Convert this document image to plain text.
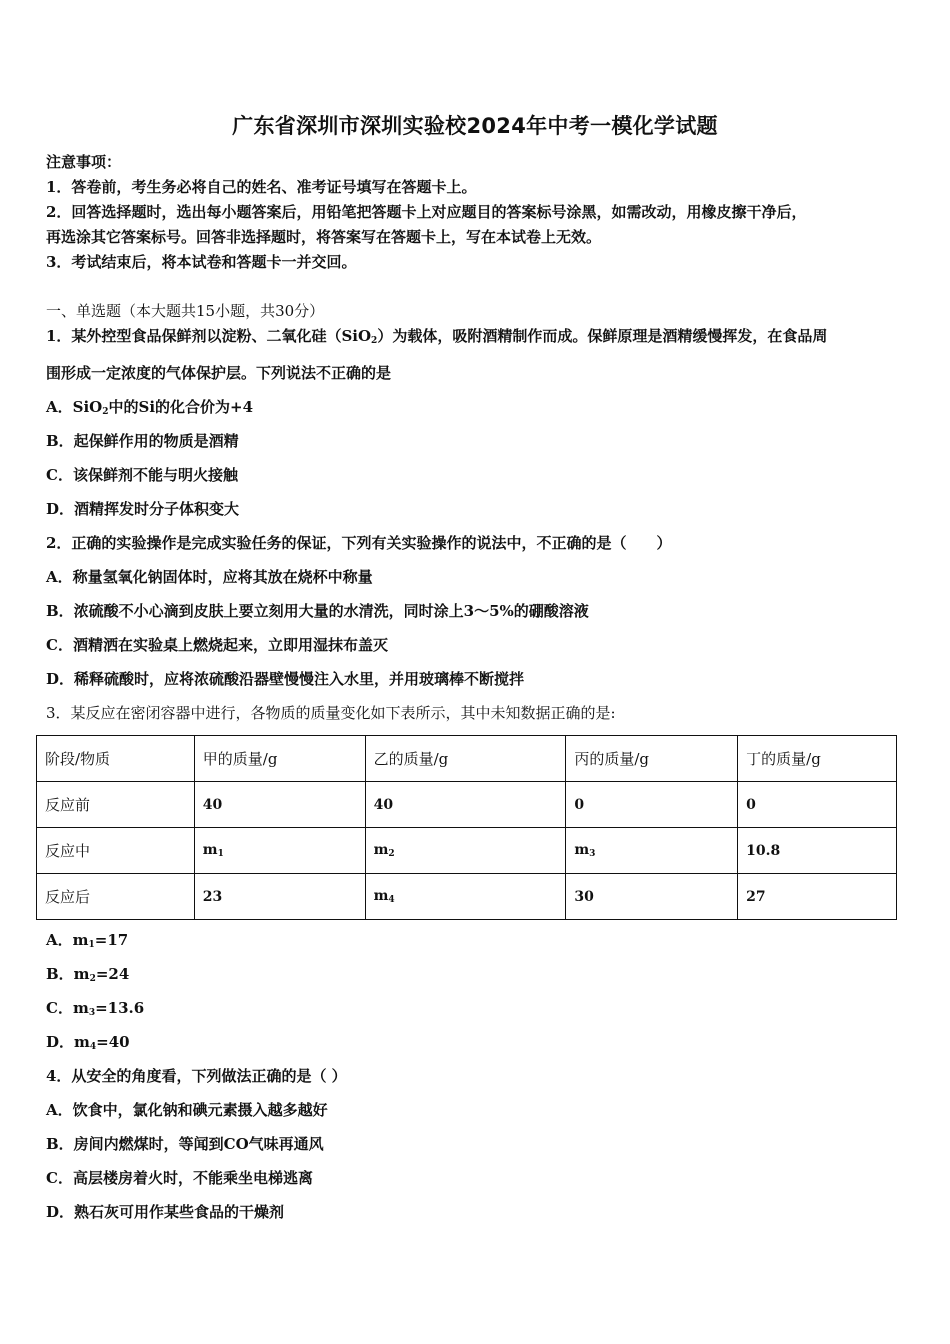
广东省深圳市深圳实验校2024年中考一模化学试题
注意事项：
1．答卷前，考生务必将自己的姓名、准考证号填写在答题卡上。
2．回答选择题时，选出每小题答案后，用铅笔把答题卡上对应题目的答案标号涂黑，如需改动，用橡皮擦干净后，
再选涂其它答案标号。回答非选择题时，将答案写在答题卡上，写在本试卷上无效。
3．考试结束后，将本试卷和答题卡一并交回。
一、单选题（本大题共15小题，共30分）
1．某外控型食品保鲜剂以淀粉、二氧化硅（SiO$_2$）为载体，吸附酒精制作而成。保鲜原理是酒精缓慢挥发，在食品周
围形成一定浓度的气体保护层。下列说法不正确的是
A．SiO$_2$中的Si的化合价为+4
B．起保鲜作用的物质是酒精
C．该保鲜剂不能与明火接触
D．酒精挥发时分子体积变大
2．正确的实验操作是完成实验任务的保证，下列有关实验操作的说法中，不正确的是（　　）
A．称量氢氧化钠固体时，应将其放在烧杯中称量
B．浓硫酸不小心滴到皮肤上要立刻用大量的水清洗，同时涂上3～5%的硼酸溶液
C．酒精洒在实验桌上燃烧起来，立即用湿抹布盖灭
D．稀释硫酸时，应将浓硫酸沿器壁慢慢注入水里，并用玻璃棒不断搅拌
3．某反应在密闭容器中进行，各物质的质量变化如下表所示，其中未知数据正确的是:
阶段/物质	甲的质量/g	乙的质量/g	丙的质量/g	丁的质量/g
反应前	40	40	0	0
反应中	$m_1$	$m_2$	$m_3$	10.8
反应后	23	$m_4$	30	27
A．$m_1=17$
B．$m_2=24$
C．$m_3=13.6$
D．$m_4=40$
4．从安全的角度看，下列做法正确的是（ ）
A．饮食中，氯化钠和碘元素摄入越多越好
B．房间内燃煤时，等闻到CO气味再通风
C．高层楼房着火时，不能乘坐电梯逃离
D．熟石灰可用作某些食品的干燥剂
